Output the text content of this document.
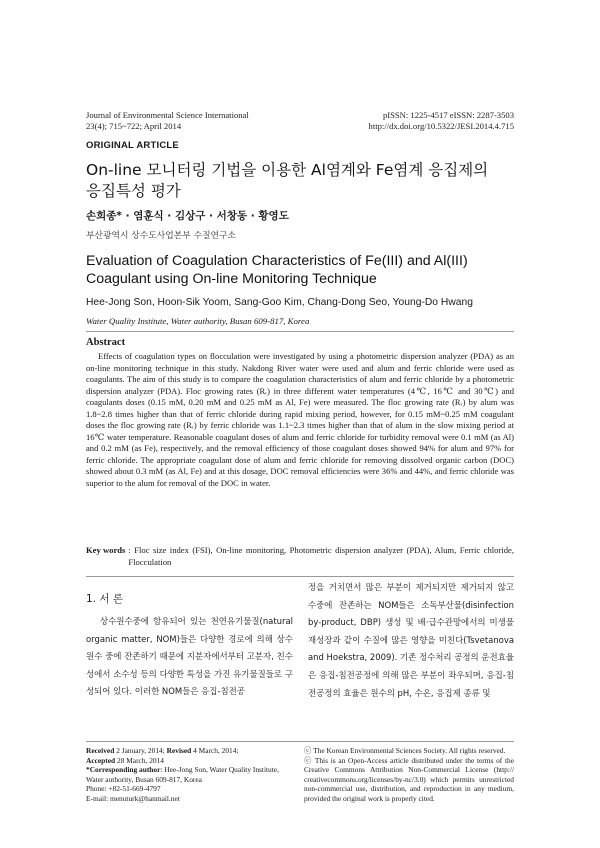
Journal of Environmental Science International
23(4); 715~722; April 2014
pISSN: 1225-4517 eISSN: 2287-3503
http://dx.doi.org/10.5322/JESI.2014.4.715
ORIGINAL ARTICLE
On-line 모니터링 기법을 이용한 Al염계와 Fe염계 응집제의
응집특성 평가
손희종* · 염훈식 · 김상구 · 서창동 · 황영도
부산광역시 상수도사업본부 수질연구소
Evaluation of Coagulation Characteristics of Fe(III) and Al(III)
Coagulant using On-line Monitoring Technique
Hee-Jong Son, Hoon-Sik Yoom, Sang-Goo Kim, Chang-Dong Seo, Young-Do Hwang
Water Quality Institute, Water authority, Busan 609-817, Korea
Abstract
Effects of coagulation types on flocculation were investigated by using a photometric dispersion analyzer (PDA) as an on-line monitoring technique in this study. Nakdong River water were used and alum and ferric chloride were used as coagulants. The aim of this study is to compare the coagulation characteristics of alum and ferric chloride by a photometric dispersion analyzer (PDA). Floc growing rates (Rᵣ) in three different water temperatures (4℃, 16℃ and 30℃) and coagulants doses (0.15 mM, 0.20 mM and 0.25 mM as Al, Fe) were measured. The floc growing rate (Rᵣ) by alum was 1.8~2.8 times higher than that of ferric chloride during rapid mixing period, however, for 0.15 mM~0.25 mM coagulant doses the floc growing rate (Rᵣ) by ferric chloride was 1.1~2.3 times higher than that of alum in the slow mixing period at 16℃ water temperature. Reasonable coagulant doses of alum and ferric chloride for turbidity removal were 0.1 mM (as Al) and 0.2 mM (as Fe), respectively, and the removal efficiency of those coagulant doses showed 94% for alum and 97% for ferric chloride. The appropriate coagulant dose of alum and ferric chloride for removing dissolved organic carbon (DOC) showed about 0.3 mM (as Al, Fe) and at this dosage, DOC removal efficiencies were 36% and 44%, and ferric chloride was superior to the alum for removal of the DOC in water.
Key words : Floc size index (FSI), On-line monitoring, Photometric dispersion analyzer (PDA), Alum, Ferric chloride, Flocculation
1. 서 론
상수원수중에 함유되어 있는 천연유기물질(natural organic matter, NOM)들은 다양한 경로에 의해 상수원수 중에 잔존하기 때문에 지분자에서부터 고분자, 친수성에서 소수성 등의 다양한 특성을 가진 유기물질들로 구성되어 있다. 이러한 NOM들은 응집-침전공
정을 거치면서 많은 부분이 제거되지만 제거되지 않고 수중에 잔존하는 NOM들은 소독부산물(disinfection by-product, DBP) 생성 및 배·급수관망에서의 미생물 재성장과 같이 수질에 많은 영향을 미친다(Tsvetanova and Hoekstra, 2009). 기존 정수처리 공정의 운전효율은 응집-침전공정에 의해 많은 부분이 좌우되며, 응집-침전공정의 효율은 원수의 pH, 수온, 응집제 종류 및
Received 2 January, 2014; Revised 4 March, 2014;
Accepted 28 March, 2014
*Corresponding author: Hee-Jong Son, Water Quality Institute, Water authority, Busan 609-817, Korea
Phone: +82-51-669-4797
E-mail: menuturk@hanmail.net
ⓒ The Korean Environmental Sciences Society. All rights reserved.
ⓒ This is an Open-Access article distributed under the terms of the Creative Commons Attribution Non-Commercial License (http:// creativecommons.org/licenses/by-nc/3.0) which permits unrestricted non-commercial use, distribution, and reproduction in any medium, provided the original work is properly cited.
